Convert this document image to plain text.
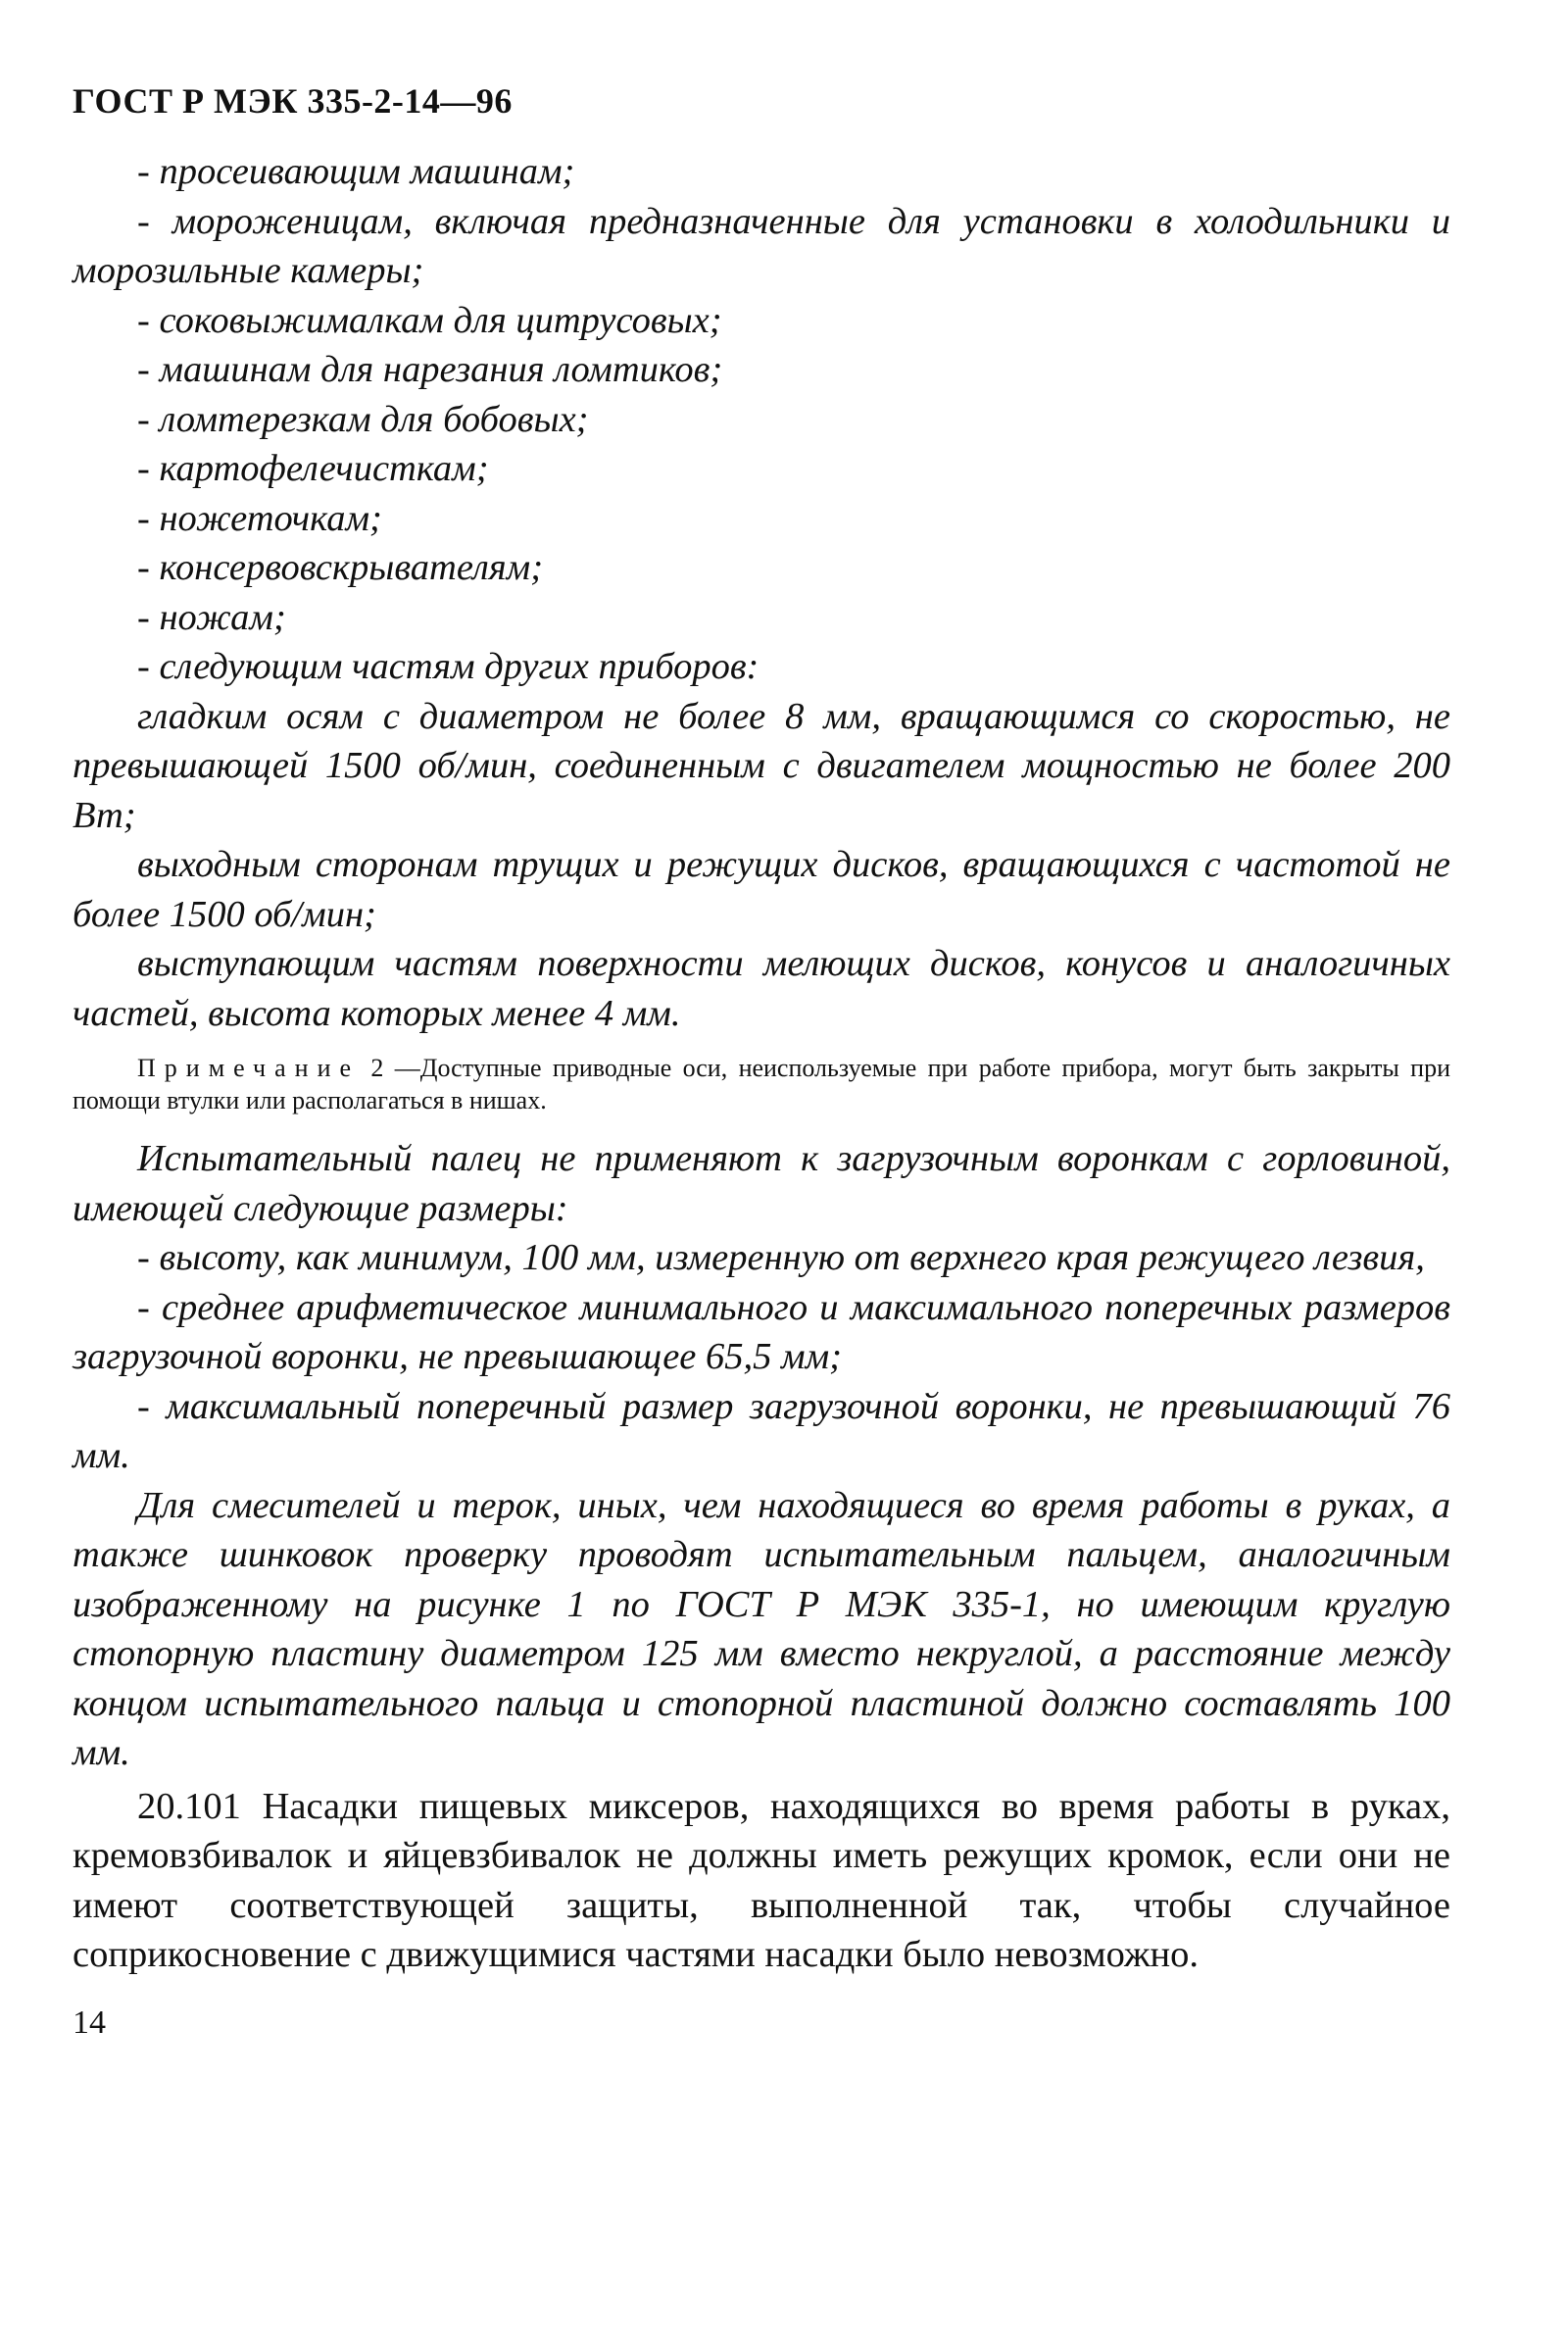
ГОСТ Р МЭК 335-2-14—96

- просеивающим машинам;

- мороженицам, включая предназначенные для установки в холодильники и морозильные камеры;

- соковыжималкам для цитрусовых;

- машинам для нарезания ломтиков;

- ломтерезкам для бобовых;

- картофелечисткам;

- ножеточкам;

- консервовскрывателям;

- ножам;

- следующим частям других приборов:

гладким осям с диаметром не более 8 мм, вращающимся со скоростью, не превышающей 1500 об/мин, соединенным с двигателем мощностью не более 200 Вт;

выходным сторонам трущих и режущих дисков, вращающихся с частотой не более 1500 об/мин;

выступающим частям поверхности мелющих дисков, конусов и аналогичных частей, высота которых менее 4 мм.

Примечание 2 —Доступные приводные оси, неиспользуемые при работе прибора, могут быть закрыты при помощи втулки или располагаться в нишах.

Испытательный палец не применяют к загрузочным воронкам с горловиной, имеющей следующие размеры:

- высоту, как минимум, 100 мм, измеренную от верхнего края режущего лезвия,

- среднее арифметическое минимального и максимального поперечных размеров загрузочной воронки, не превышающее 65,5 мм;

- максимальный поперечный размер загрузочной воронки, не превышающий 76 мм.

Для смесителей и терок, иных, чем находящиеся во время работы в руках, а также шинковок проверку проводят испытательным пальцем, аналогичным изображенному на рисунке 1 по ГОСТ Р МЭК 335-1, но имеющим круглую стопорную пластину диаметром 125 мм вместо некруглой, а расстояние между концом испытательного пальца и стопорной пластиной должно составлять 100 мм.

20.101 Насадки пищевых миксеров, находящихся во время работы в руках, кремовзбивалок и яйцевзбивалок не должны иметь режущих кромок, если они не имеют соответствующей защиты, выполненной так, чтобы случайное соприкосновение с движущимися частями насадки было невозможно.

14
